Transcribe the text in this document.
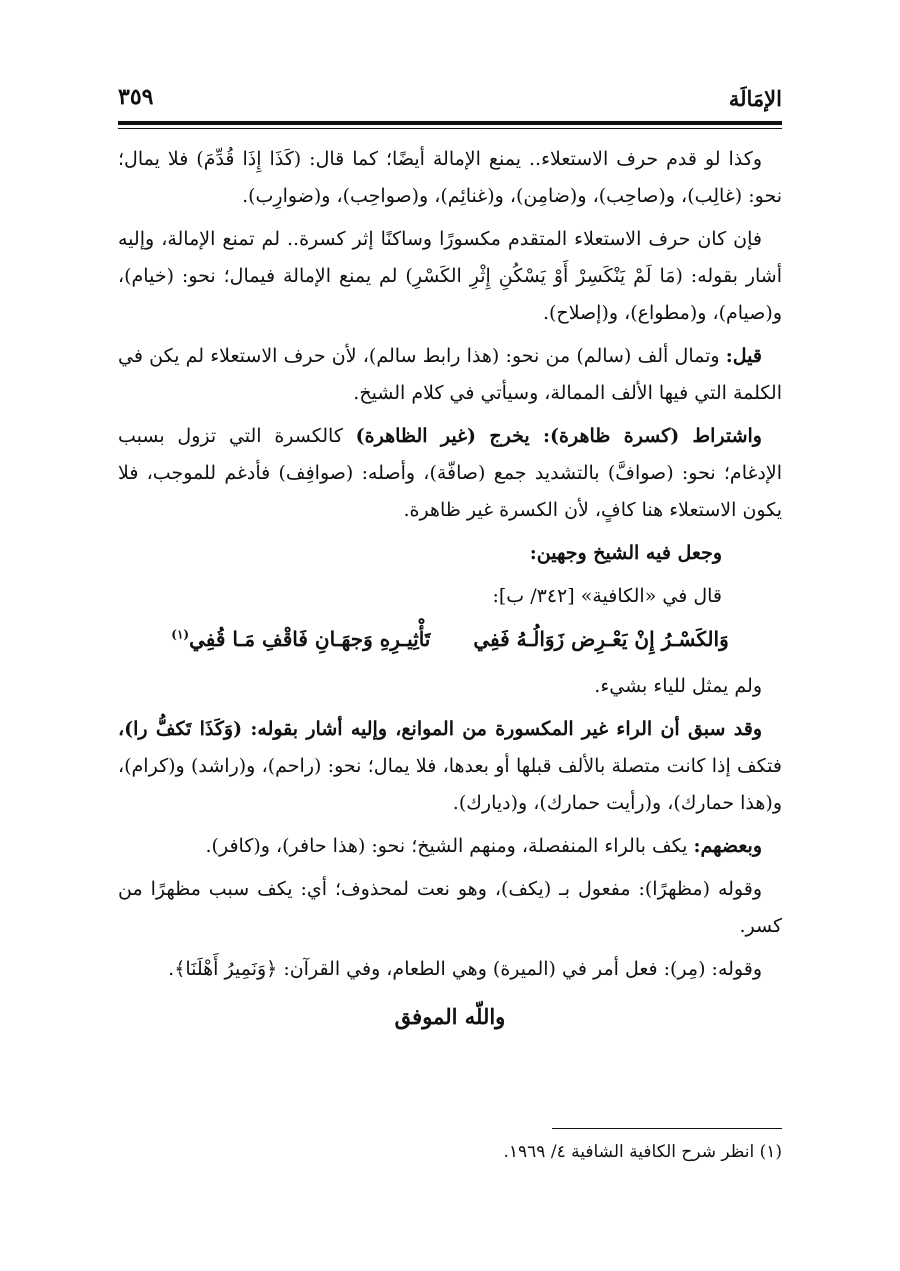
الإمَالَة
٣٥٩

وكذا لو قدم حرف الاستعلاء.. يمنع الإمالة أيضًا؛ كما قال: (كَذَا إِذَا قُدِّمَ) فلا يمال؛ نحو: (غالِب)، و(صاحِب)، و(ضامِن)، و(غنائِم)، و(صواحِب)، و(ضوارِب).

فإن كان حرف الاستعلاء المتقدم مكسورًا وساكنًا إثر كسرة.. لم تمنع الإمالة، وإليه أشار بقوله: (مَا لَمْ يَنْكَسِرْ أَوْ يَسْكُنِ إِثْرِ الكَسْرِ) لم يمنع الإمالة فيمال؛ نحو: (خيام)، و(صيام)، و(مطواع)، و(إصلاح).

قيل: وتمال ألف (سالم) من نحو: (هذا رابط سالم)، لأن حرف الاستعلاء لم يكن في الكلمة التي فيها الألف الممالة، وسيأتي في كلام الشيخ.

واشتراط (كسرة ظاهرة): يخرج (غير الظاهرة) كالكسرة التي تزول بسبب الإدغام؛ نحو: (صوافَّ) بالتشديد جمع (صافّة)، وأصله: (صوافِف) فأدغم للموجب، فلا يكون الاستعلاء هنا كافٍ، لأن الكسرة غير ظاهرة.

وجعل فيه الشيخ وجهين:

قال في «الكافية» [٣٤٢/ ب]:

وَالكَسْـرُ إِنْ يَعْـرِض زَوَالُـهُ فَفِي تَأْثِيـرِهِ وَجهَـانِ فَاقْفِ مَـا قُفِي$^{(١)}$

ولم يمثل للياء بشيء.

وقد سبق أن الراء غير المكسورة من الموانع، وإليه أشار بقوله: (وَكَذَا تَكفُّ را)، فتكف إذا كانت متصلة بالألف قبلها أو بعدها، فلا يمال؛ نحو: (راحم)، و(راشد) و(كرام)، و(هذا حمارك)، و(رأيت حمارك)، و(ديارك).

وبعضهم: يكف بالراء المنفصلة، ومنهم الشيخ؛ نحو: (هذا حافر)، و(كافر).

وقوله (مظهرًا): مفعول بـ (يكف)، وهو نعت لمحذوف؛ أي: يكف سبب مظهرًا من كسر.

وقوله: (مِر): فعل أمر في (الميرة) وهي الطعام، وفي القرآن: ﴿وَنَمِيرُ أَهْلَنَا﴾.

واللّه الموفق
(١) انظر شرح الكافية الشافية ٤/ ١٩٦٩.
